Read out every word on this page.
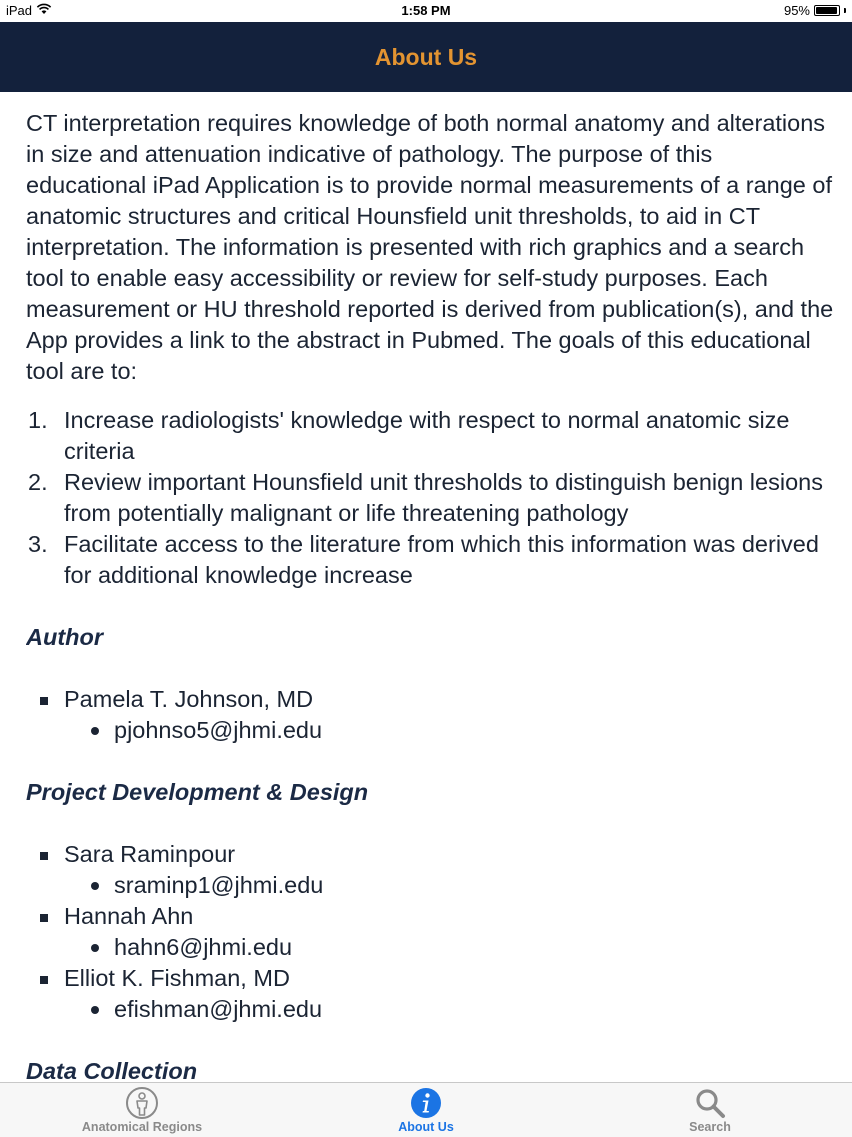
iPad	1:58 PM	95%
About Us

CT interpretation requires knowledge of both normal anatomy and alterations in size and attenuation indicative of pathology. The purpose of this educational iPad Application is to provide normal measurements of a range of anatomic structures and critical Hounsfield unit thresholds, to aid in CT interpretation. The information is presented with rich graphics and a search tool to enable easy accessibility or review for self-study purposes. Each measurement or HU threshold reported is derived from publication(s), and the App provides a link to the abstract in Pubmed. The goals of this educational tool are to:

1. Increase radiologists' knowledge with respect to normal anatomic size criteria
2. Review important Hounsfield unit thresholds to distinguish benign lesions from potentially malignant or life threatening pathology
3. Facilitate access to the literature from which this information was derived for additional knowledge increase
Author
Pamela T. Johnson, MD
pjohnso5@jhmi.edu
Project Development & Design
Sara Raminpour
sraminp1@jhmi.edu
Hannah Ahn
hahn6@jhmi.edu
Elliot K. Fishman, MD
efishman@jhmi.edu
Data Collection
Anatomical Regions	About Us	Search
